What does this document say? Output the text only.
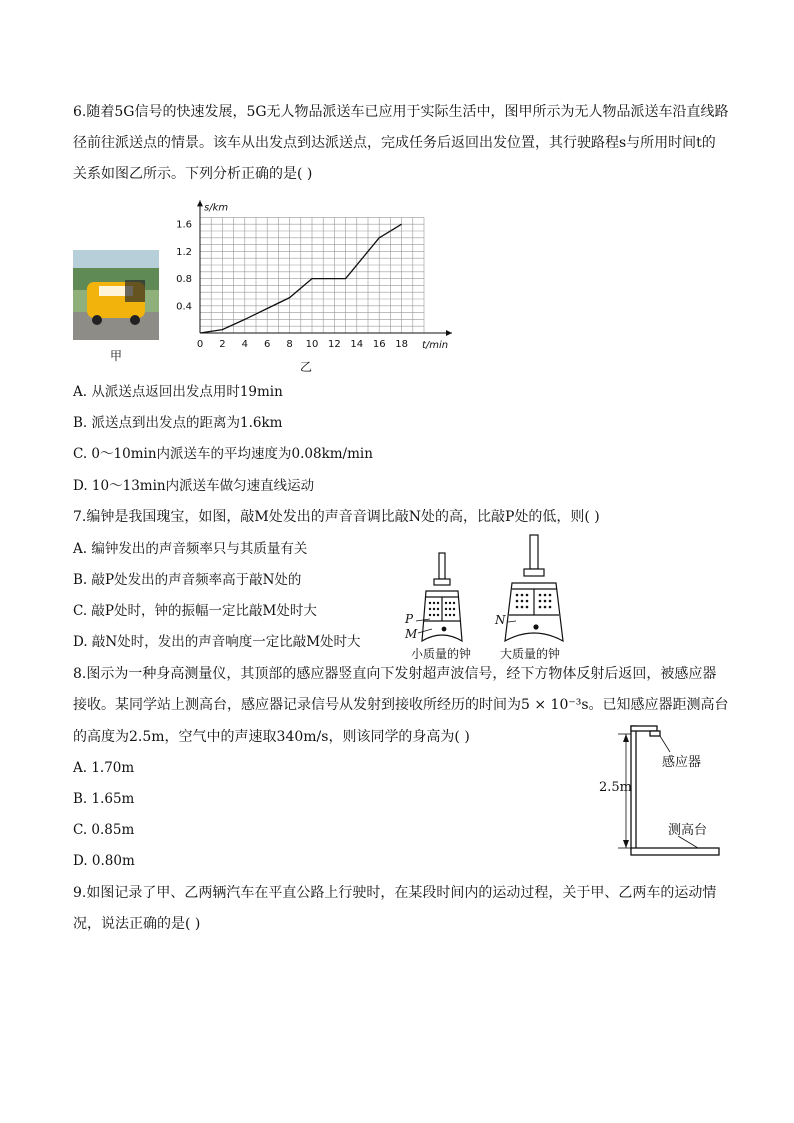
6.随着5G信号的快速发展，5G无人物品派送车已应用于实际生活中，图甲所示为无人物品派送车沿直线路
径前往派送点的情景。该车从出发点到达派送点，完成任务后返回出发位置，其行驶路程s与所用时间t的
关系如图乙所示。下列分析正确的是( )
甲
0 2 4 6 8 10 12 14 16 18
0.4
0.8
1.2
1.6
s/km
t/min
乙
A. 从派送点返回出发点用时19min
B. 派送点到出发点的距离为1.6km
C. 0～10min内派送车的平均速度为0.08km/min
D. 10～13min内派送车做匀速直线运动
7.编钟是我国瑰宝，如图，敲M处发出的声音音调比敲N处的高，比敲P处的低，则( )
A. 编钟发出的声音频率只与其质量有关
B. 敲P处发出的声音频率高于敲N处的
C. 敲P处时，钟的振幅一定比敲M处时大
D. 敲N处时，发出的声音响度一定比敲M处时大
P
M
N
小质量的钟 大质量的钟
8.图示为一种身高测量仪，其顶部的感应器竖直向下发射超声波信号，经下方物体反射后返回，被感应器
接收。某同学站上测高台，感应器记录信号从发射到接收所经历的时间为5 × 10⁻³s。已知感应器距测高台
的高度为2.5m，空气中的声速取340m/s，则该同学的身高为( )
A. 1.70m
B. 1.65m
C. 0.85m
D. 0.80m
感应器
测高台
2.5m
9.如图记录了甲、乙两辆汽车在平直公路上行驶时，在某段时间内的运动过程，关于甲、乙两车的运动情
况，说法正确的是( )
